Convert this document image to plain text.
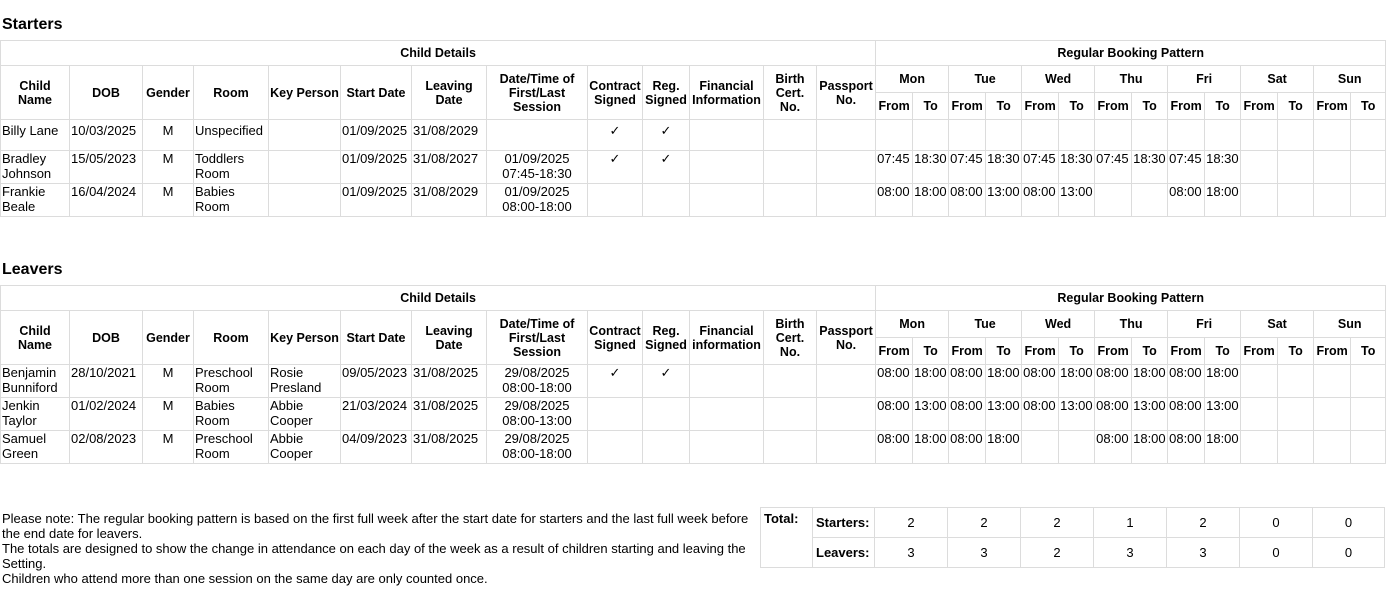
Starters
Child Details													Regular Booking Pattern													
Child Name	DOB	Gender	Room	Key Person	Start Date	Leaving Date	Date/Time of First/Last Session	Contract Signed	Reg. Signed	Financial Information	Birth Cert. No.	Passport No.	Mon		Tue		Wed		Thu		Fri		Sat		Sun	
													From	To	From	To	From	To	From	To	From	To	From	To	From	To
Billy Lane	10/03/2025	M	Unspecified		01/09/2025	31/08/2029		✓	✓																	
Bradley Johnson	15/05/2023	M	Toddlers Room		01/09/2025	31/08/2027	01/09/2025 07:45-18:30	✓	✓				07:45	18:30	07:45	18:30	07:45	18:30	07:45	18:30	07:45	18:30				
Frankie Beale	16/04/2024	M	Babies Room		01/09/2025	31/08/2029	01/09/2025 08:00-18:00						08:00	18:00	08:00	13:00	08:00	13:00			08:00	18:00				
Leavers
Child Details													Regular Booking Pattern													
Child Name	DOB	Gender	Room	Key Person	Start Date	Leaving Date	Date/Time of First/Last Session	Contract Signed	Reg. Signed	Financial information	Birth Cert. No.	Passport No.	Mon		Tue		Wed		Thu		Fri		Sat		Sun	
													From	To	From	To	From	To	From	To	From	To	From	To	From	To
Benjamin Bunniford	28/10/2021	M	Preschool Room	Rosie Presland	09/05/2023	31/08/2025	29/08/2025 08:00-18:00	✓	✓				08:00	18:00	08:00	18:00	08:00	18:00	08:00	18:00	08:00	18:00				
Jenkin Taylor	01/02/2024	M	Babies Room	Abbie Cooper	21/03/2024	31/08/2025	29/08/2025 08:00-13:00						08:00	13:00	08:00	13:00	08:00	13:00	08:00	13:00	08:00	13:00				
Samuel Green	02/08/2023	M	Preschool Room	Abbie Cooper	04/09/2023	31/08/2025	29/08/2025 08:00-18:00						08:00	18:00	08:00	18:00			08:00	18:00	08:00	18:00				
Please note: The regular booking pattern is based on the first full week after the start date for starters and the last full week before the end date for leavers.
The totals are designed to show the change in attendance on each day of the week as a result of children starting and leaving the Setting.
Children who attend more than one session on the same day are only counted once.
Total:	Starters:	2	2	2	1	2	0	0
	Leavers:	3	3	2	3	3	0	0
